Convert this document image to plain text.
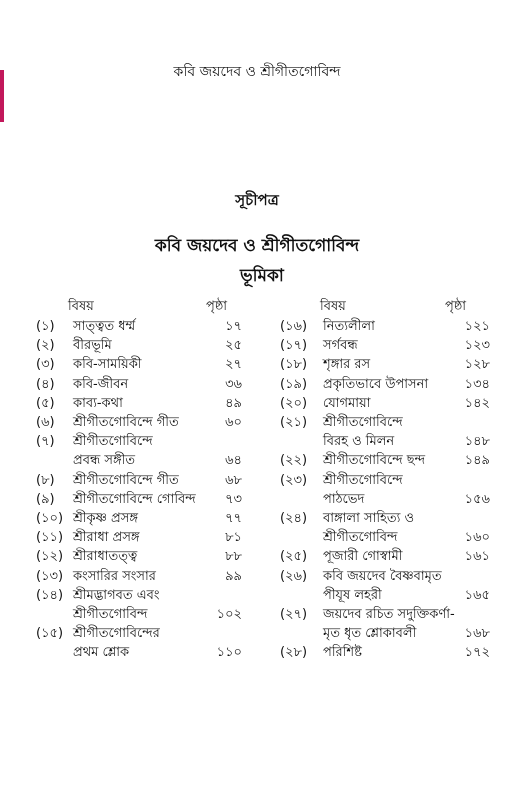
কবি জয়দেব ও শ্রীগীতগোবিন্দ
সূচীপত্র
কবি জয়দেব ও শ্রীগীতগোবিন্দ
ভূমিকা
বিষয়	পৃষ্ঠা
(১)	সাত্ত্বত ধর্ম্ম	১৭
(২)	বীরভূমি	২৫
(৩)	কবি-সাময়িকী	২৭
(৪)	কবি-জীবন	৩৬
(৫)	কাব্য-কথা	৪৯
(৬)	শ্রীগীতগোবিন্দে গীত	৬০
(৭)	শ্রীগীতগোবিন্দে
প্রবন্ধ সঙ্গীত	৬৪
(৮)	শ্রীগীতগোবিন্দে গীত	৬৮
(৯)	শ্রীগীতগোবিন্দে গোবিন্দ	৭৩
(১০) শ্রীকৃষ্ণ প্রসঙ্গ	৭৭
(১১) শ্রীরাধা প্রসঙ্গ	৮১
(১২) শ্রীরাধাতত্ত্ব	৮৮
(১৩) কংসারির সংসার	৯৯
(১৪) শ্রীমদ্ভাগবত এবং
শ্রীগীতগোবিন্দ	১০২
(১৫) শ্রীগীতগোবিন্দের
প্রথম শ্লোক	১১০
বিষয়	পৃষ্ঠা
(১৬)	নিত্যলীলা	১২১
(১৭)	সর্গবন্ধ	১২৩
(১৮)	শৃঙ্গার রস	১২৮
(১৯)	প্রকৃতিভাবে উপাসনা	১৩৪
(২০)	যোগমায়া	১৪২
(২১)	শ্রীগীতগোবিন্দে
বিরহ ও মিলন	১৪৮
(২২)	শ্রীগীতগোবিন্দে ছন্দ	১৪৯
(২৩)	শ্রীগীতগোবিন্দে
পাঠভেদ	১৫৬
(২৪)	বাঙ্গালা সাহিত্য ও
শ্রীগীতগোবিন্দ	১৬০
(২৫)	পূজারী গোস্বামী	১৬১
(২৬)	কবি জয়দেব বৈষ্ণবামৃত
পীযূষ লহরী	১৬৫
(২৭)	জয়দেব রচিত সদুক্তিকর্ণা-
মৃত ধৃত শ্লোকাবলী	১৬৮
(২৮)	পরিশিষ্ট	১৭২
